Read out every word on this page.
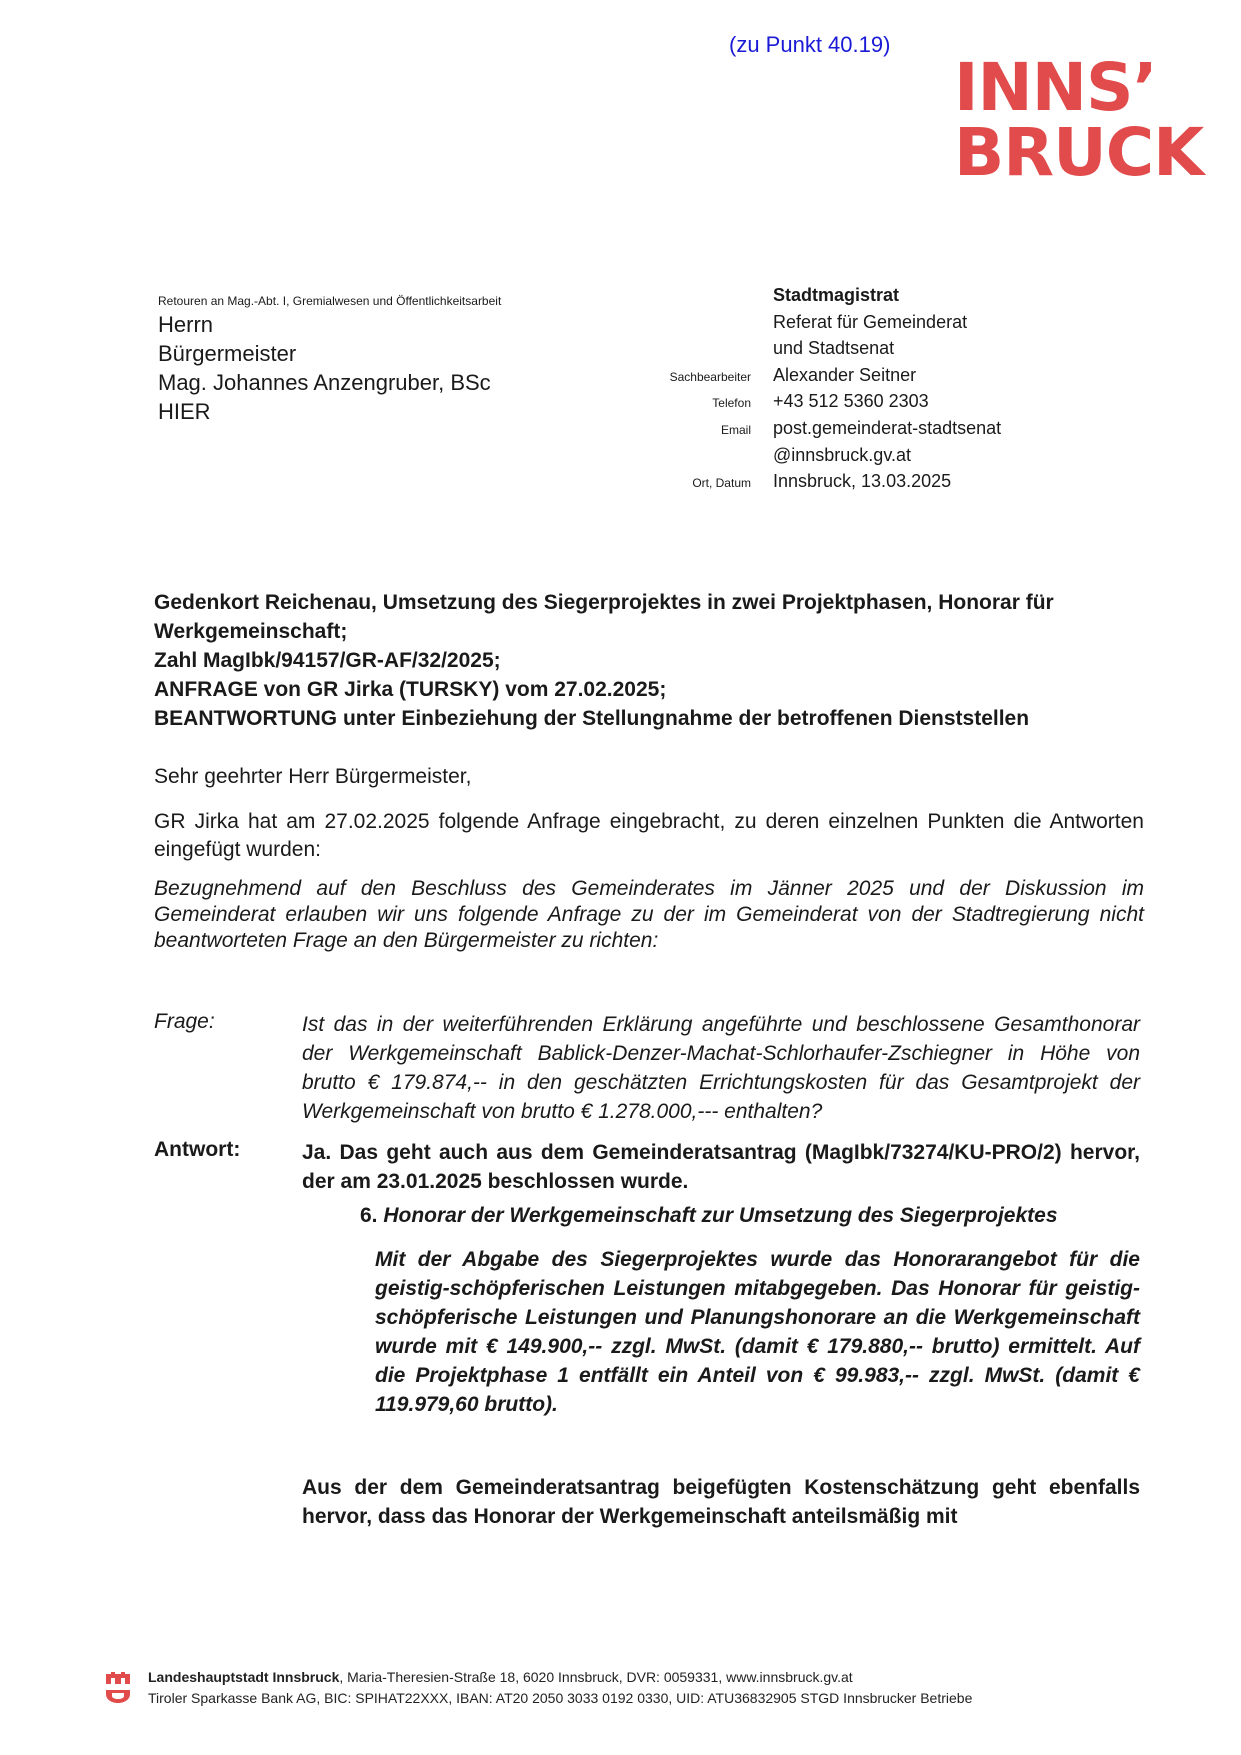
(zu Punkt 40.19)
INNS’
BRUCK
Retouren an Mag.-Abt. I, Gremialwesen und Öffentlichkeitsarbeit
Herrn
Bürgermeister
Mag. Johannes Anzengruber, BSc
HIER
Stadtmagistrat
Referat für Gemeinderat
und Stadtsenat
Sachbearbeiter	Alexander Seitner
Telefon	+43 512 5360 2303
Email	post.gemeinderat-stadtsenat
@innsbruck.gv.at
Ort, Datum	Innsbruck, 13.03.2025
Gedenkort Reichenau, Umsetzung des Siegerprojektes in zwei Projektphasen, Honorar für Werkgemeinschaft;
Zahl MagIbk/94157/GR-AF/32/2025;
ANFRAGE von GR Jirka (TURSKY) vom 27.02.2025;
BEANTWORTUNG unter Einbeziehung der Stellungnahme der betroffenen Dienststellen
Sehr geehrter Herr Bürgermeister,
GR Jirka hat am 27.02.2025 folgende Anfrage eingebracht, zu deren einzelnen Punkten die Antworten eingefügt wurden:
Bezugnehmend auf den Beschluss des Gemeinderates im Jänner 2025 und der Diskussion im Gemeinderat erlauben wir uns folgende Anfrage zu der im Gemeinderat von der Stadtregierung nicht beantworteten Frage an den Bürgermeister zu richten:
Frage:	Ist das in der weiterführenden Erklärung angeführte und beschlossene Gesamthonorar der Werkgemeinschaft Bablick-Denzer-Machat-Schlorhaufer-Zschiegner in Höhe von brutto € 179.874,-- in den geschätzten Errichtungskosten für das Gesamtprojekt der Werkgemeinschaft von brutto € 1.278.000,--- enthalten?
Antwort:	Ja. Das geht auch aus dem Gemeinderatsantrag (MagIbk/73274/KU-PRO/2) hervor, der am 23.01.2025 beschlossen wurde.
6. Honorar der Werkgemeinschaft zur Umsetzung des Siegerprojektes
Mit der Abgabe des Siegerprojektes wurde das Honorarangebot für die geistig-schöpferischen Leistungen mitabgegeben. Das Honorar für geistig-schöpferische Leistungen und Planungshonorare an die Werkgemeinschaft wurde mit € 149.900,-- zzgl. MwSt. (damit € 179.880,-- brutto) ermittelt. Auf die Projektphase 1 entfällt ein Anteil von € 99.983,-- zzgl. MwSt. (damit € 119.979,60 brutto).
Aus der dem Gemeinderatsantrag beigefügten Kostenschätzung geht ebenfalls hervor, dass das Honorar der Werkgemeinschaft anteilsmäßig mit
Landeshauptstadt Innsbruck, Maria-Theresien-Straße 18, 6020 Innsbruck, DVR: 0059331, www.innsbruck.gv.at
Tiroler Sparkasse Bank AG, BIC: SPIHAT22XXX, IBAN: AT20 2050 3033 0192 0330, UID: ATU36832905 STGD Innsbrucker Betriebe
